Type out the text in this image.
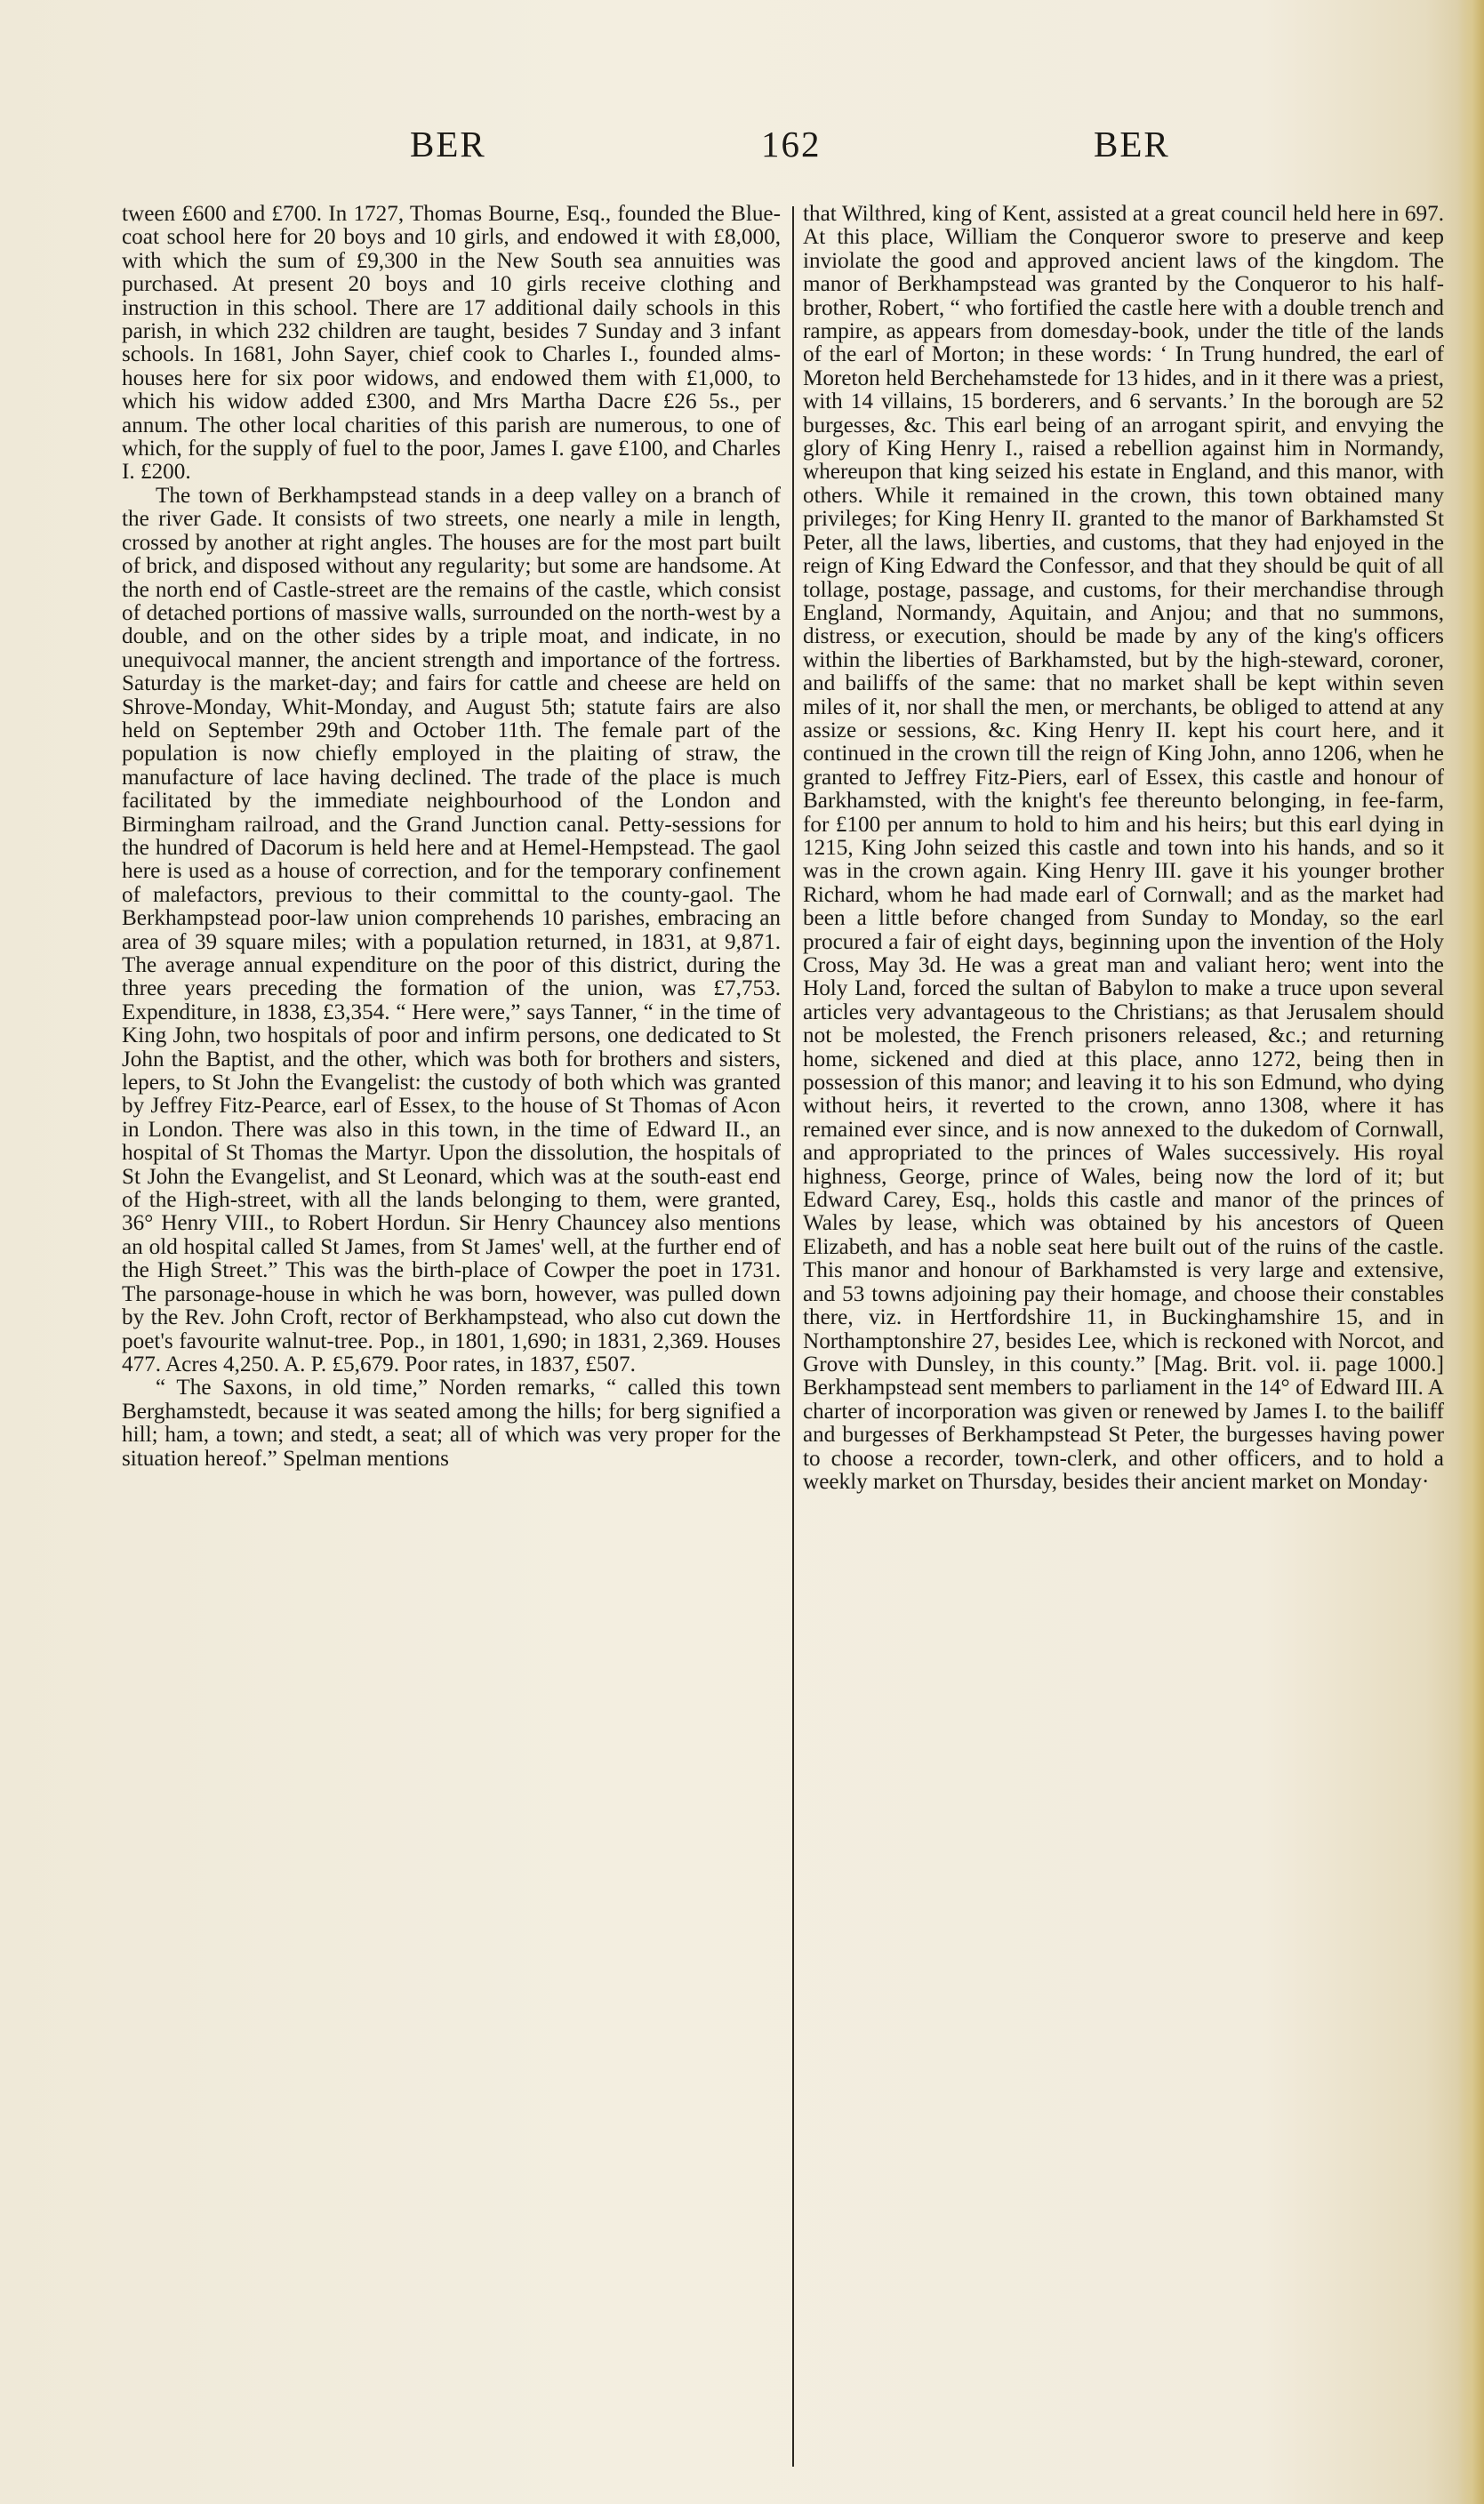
BER	162	BER

tween £600 and £700. In 1727, Thomas Bourne, Esq., founded the Blue-coat school here for 20 boys and 10 girls, and endowed it with £8,000, with which the sum of £9,300 in the New South sea annuities was purchased. At present 20 boys and 10 girls receive clothing and instruction in this school. There are 17 additional daily schools in this parish, in which 232 children are taught, besides 7 Sunday and 3 infant schools. In 1681, John Sayer, chief cook to Charles I., founded alms-houses here for six poor widows, and endowed them with £1,000, to which his widow added £300, and Mrs Martha Dacre £26 5s., per annum. The other local charities of this parish are numerous, to one of which, for the supply of fuel to the poor, James I. gave £100, and Charles I. £200.

The town of Berkhampstead stands in a deep valley on a branch of the river Gade. It consists of two streets, one nearly a mile in length, crossed by another at right angles. The houses are for the most part built of brick, and disposed without any regularity; but some are handsome. At the north end of Castle-street are the remains of the castle, which consist of detached portions of massive walls, surrounded on the north-west by a double, and on the other sides by a triple moat, and indicate, in no unequivocal manner, the ancient strength and importance of the fortress. Saturday is the market-day; and fairs for cattle and cheese are held on Shrove-Monday, Whit-Monday, and August 5th; statute fairs are also held on September 29th and October 11th. The female part of the population is now chiefly employed in the plaiting of straw, the manufacture of lace having declined. The trade of the place is much facilitated by the immediate neighbourhood of the London and Birmingham railroad, and the Grand Junction canal. Petty-sessions for the hundred of Dacorum is held here and at Hemel-Hempstead. The gaol here is used as a house of correction, and for the temporary confinement of malefactors, previous to their committal to the county-gaol. The Berkhampstead poor-law union comprehends 10 parishes, embracing an area of 39 square miles; with a population returned, in 1831, at 9,871. The average annual expenditure on the poor of this district, during the three years preceding the formation of the union, was £7,753. Expenditure, in 1838, £3,354. “ Here were,” says Tanner, “ in the time of King John, two hospitals of poor and infirm persons, one dedicated to St John the Baptist, and the other, which was both for brothers and sisters, lepers, to St John the Evangelist: the custody of both which was granted by Jeffrey Fitz-Pearce, earl of Essex, to the house of St Thomas of Acon in London. There was also in this town, in the time of Edward II., an hospital of St Thomas the Martyr. Upon the dissolution, the hospitals of St John the Evangelist, and St Leonard, which was at the south-east end of the High-street, with all the lands belonging to them, were granted, 36° Henry VIII., to Robert Hordun. Sir Henry Chauncey also mentions an old hospital called St James, from St James' well, at the further end of the High Street.” This was the birth-place of Cowper the poet in 1731. The parsonage-house in which he was born, however, was pulled down by the Rev. John Croft, rector of Berkhampstead, who also cut down the poet's favourite walnut-tree. Pop., in 1801, 1,690; in 1831, 2,369. Houses 477. Acres 4,250. A. P. £5,679. Poor rates, in 1837, £507.

“ The Saxons, in old time,” Norden remarks, “ called this town Berghamstedt, because it was seated among the hills; for berg signified a hill; ham, a town; and stedt, a seat; all of which was very proper for the situation hereof.” Spelman mentions

that Wilthred, king of Kent, assisted at a great council held here in 697. At this place, William the Conqueror swore to preserve and keep inviolate the good and approved ancient laws of the kingdom. The manor of Berkhampstead was granted by the Conqueror to his half-brother, Robert, “ who fortified the castle here with a double trench and rampire, as appears from domesday-book, under the title of the lands of the earl of Morton; in these words: ‘ In Trung hundred, the earl of Moreton held Berchehamstede for 13 hides, and in it there was a priest, with 14 villains, 15 borderers, and 6 servants.’ In the borough are 52 burgesses, &c. This earl being of an arrogant spirit, and envying the glory of King Henry I., raised a rebellion against him in Normandy, whereupon that king seized his estate in England, and this manor, with others. While it remained in the crown, this town obtained many privileges; for King Henry II. granted to the manor of Barkhamsted St Peter, all the laws, liberties, and customs, that they had enjoyed in the reign of King Edward the Confessor, and that they should be quit of all tollage, postage, passage, and customs, for their merchandise through England, Normandy, Aquitain, and Anjou; and that no summons, distress, or execution, should be made by any of the king's officers within the liberties of Barkhamsted, but by the high-steward, coroner, and bailiffs of the same: that no market shall be kept within seven miles of it, nor shall the men, or merchants, be obliged to attend at any assize or sessions, &c. King Henry II. kept his court here, and it continued in the crown till the reign of King John, anno 1206, when he granted to Jeffrey Fitz-Piers, earl of Essex, this castle and honour of Barkhamsted, with the knight's fee thereunto belonging, in fee-farm, for £100 per annum to hold to him and his heirs; but this earl dying in 1215, King John seized this castle and town into his hands, and so it was in the crown again. King Henry III. gave it his younger brother Richard, whom he had made earl of Cornwall; and as the market had been a little before changed from Sunday to Monday, so the earl procured a fair of eight days, beginning upon the invention of the Holy Cross, May 3d. He was a great man and valiant hero; went into the Holy Land, forced the sultan of Babylon to make a truce upon several articles very advantageous to the Christians; as that Jerusalem should not be molested, the French prisoners released, &c.; and returning home, sickened and died at this place, anno 1272, being then in possession of this manor; and leaving it to his son Edmund, who dying without heirs, it reverted to the crown, anno 1308, where it has remained ever since, and is now annexed to the dukedom of Cornwall, and appropriated to the princes of Wales successively. His royal highness, George, prince of Wales, being now the lord of it; but Edward Carey, Esq., holds this castle and manor of the princes of Wales by lease, which was obtained by his ancestors of Queen Elizabeth, and has a noble seat here built out of the ruins of the castle. This manor and honour of Barkhamsted is very large and extensive, and 53 towns adjoining pay their homage, and choose their constables there, viz. in Hertfordshire 11, in Buckinghamshire 15, and in Northamptonshire 27, besides Lee, which is reckoned with Norcot, and Grove with Dunsley, in this county.” [Mag. Brit. vol. ii. page 1000.] Berkhampstead sent members to parliament in the 14° of Edward III. A charter of incorporation was given or renewed by James I. to the bailiff and burgesses of Berkhampstead St Peter, the burgesses having power to choose a recorder, town-clerk, and other officers, and to hold a weekly market on Thursday, besides their ancient market on Monday·
